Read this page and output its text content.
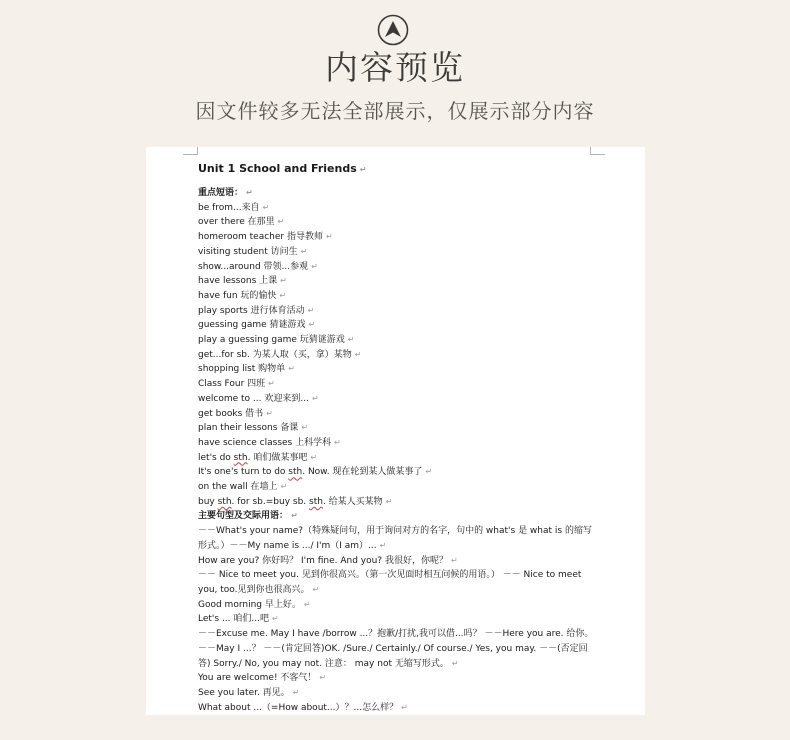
内容预览
因文件较多无法全部展示，仅展示部分内容
Unit 1 School and Friends ↵
重点短语： ↵
be from...来自 ↵
over there 在那里 ↵
homeroom teacher 指导教师 ↵
visiting student 访问生 ↵
show...around 带领...参观 ↵
have lessons 上课 ↵
have fun 玩的愉快 ↵
play sports 进行体育活动 ↵
guessing game 猜谜游戏 ↵
play a guessing game 玩猜谜游戏 ↵
get...for sb. 为某人取（买，拿）某物 ↵
shopping list 购物单 ↵
Class Four 四班 ↵
welcome to ... 欢迎来到... ↵
get books 借书 ↵
plan their lessons 备课 ↵
have science classes 上科学科 ↵
let's do sth. 咱们做某事吧 ↵
It's one's turn to do sth. Now. 现在轮到某人做某事了 ↵
on the wall 在墙上 ↵
buy sth. for sb.=buy sb. sth. 给某人买某物 ↵
主要句型及交际用语： ↵
－－What's your name?（特殊疑问句，用于询问对方的名字，句中的 what's 是 what is 的缩写形式。）－－My name is .../ I'm（I am）... ↵
How are you? 你好吗？ I'm fine. And you? 我很好，你呢？ ↵
－－ Nice to meet you. 见到你很高兴。（第一次见面时相互问候的用语。） －－ Nice to meet you, too.见到你也很高兴。 ↵
Good morning 早上好。 ↵
Let's ... 咱们...吧 ↵
－－Excuse me. May I have /borrow ...？抱歉/打扰,我可以借...吗？ －－Here you are. 给你。－－May I ...？ －－(肯定回答)OK. /Sure./ Certainly./ Of course./ Yes, you may. －－(否定回答) Sorry./ No, you may not. 注意： may not 无缩写形式。 ↵
You are welcome! 不客气！ ↵
See you later. 再见。 ↵
What about ...（=How about...）？...怎么样？ ↵
